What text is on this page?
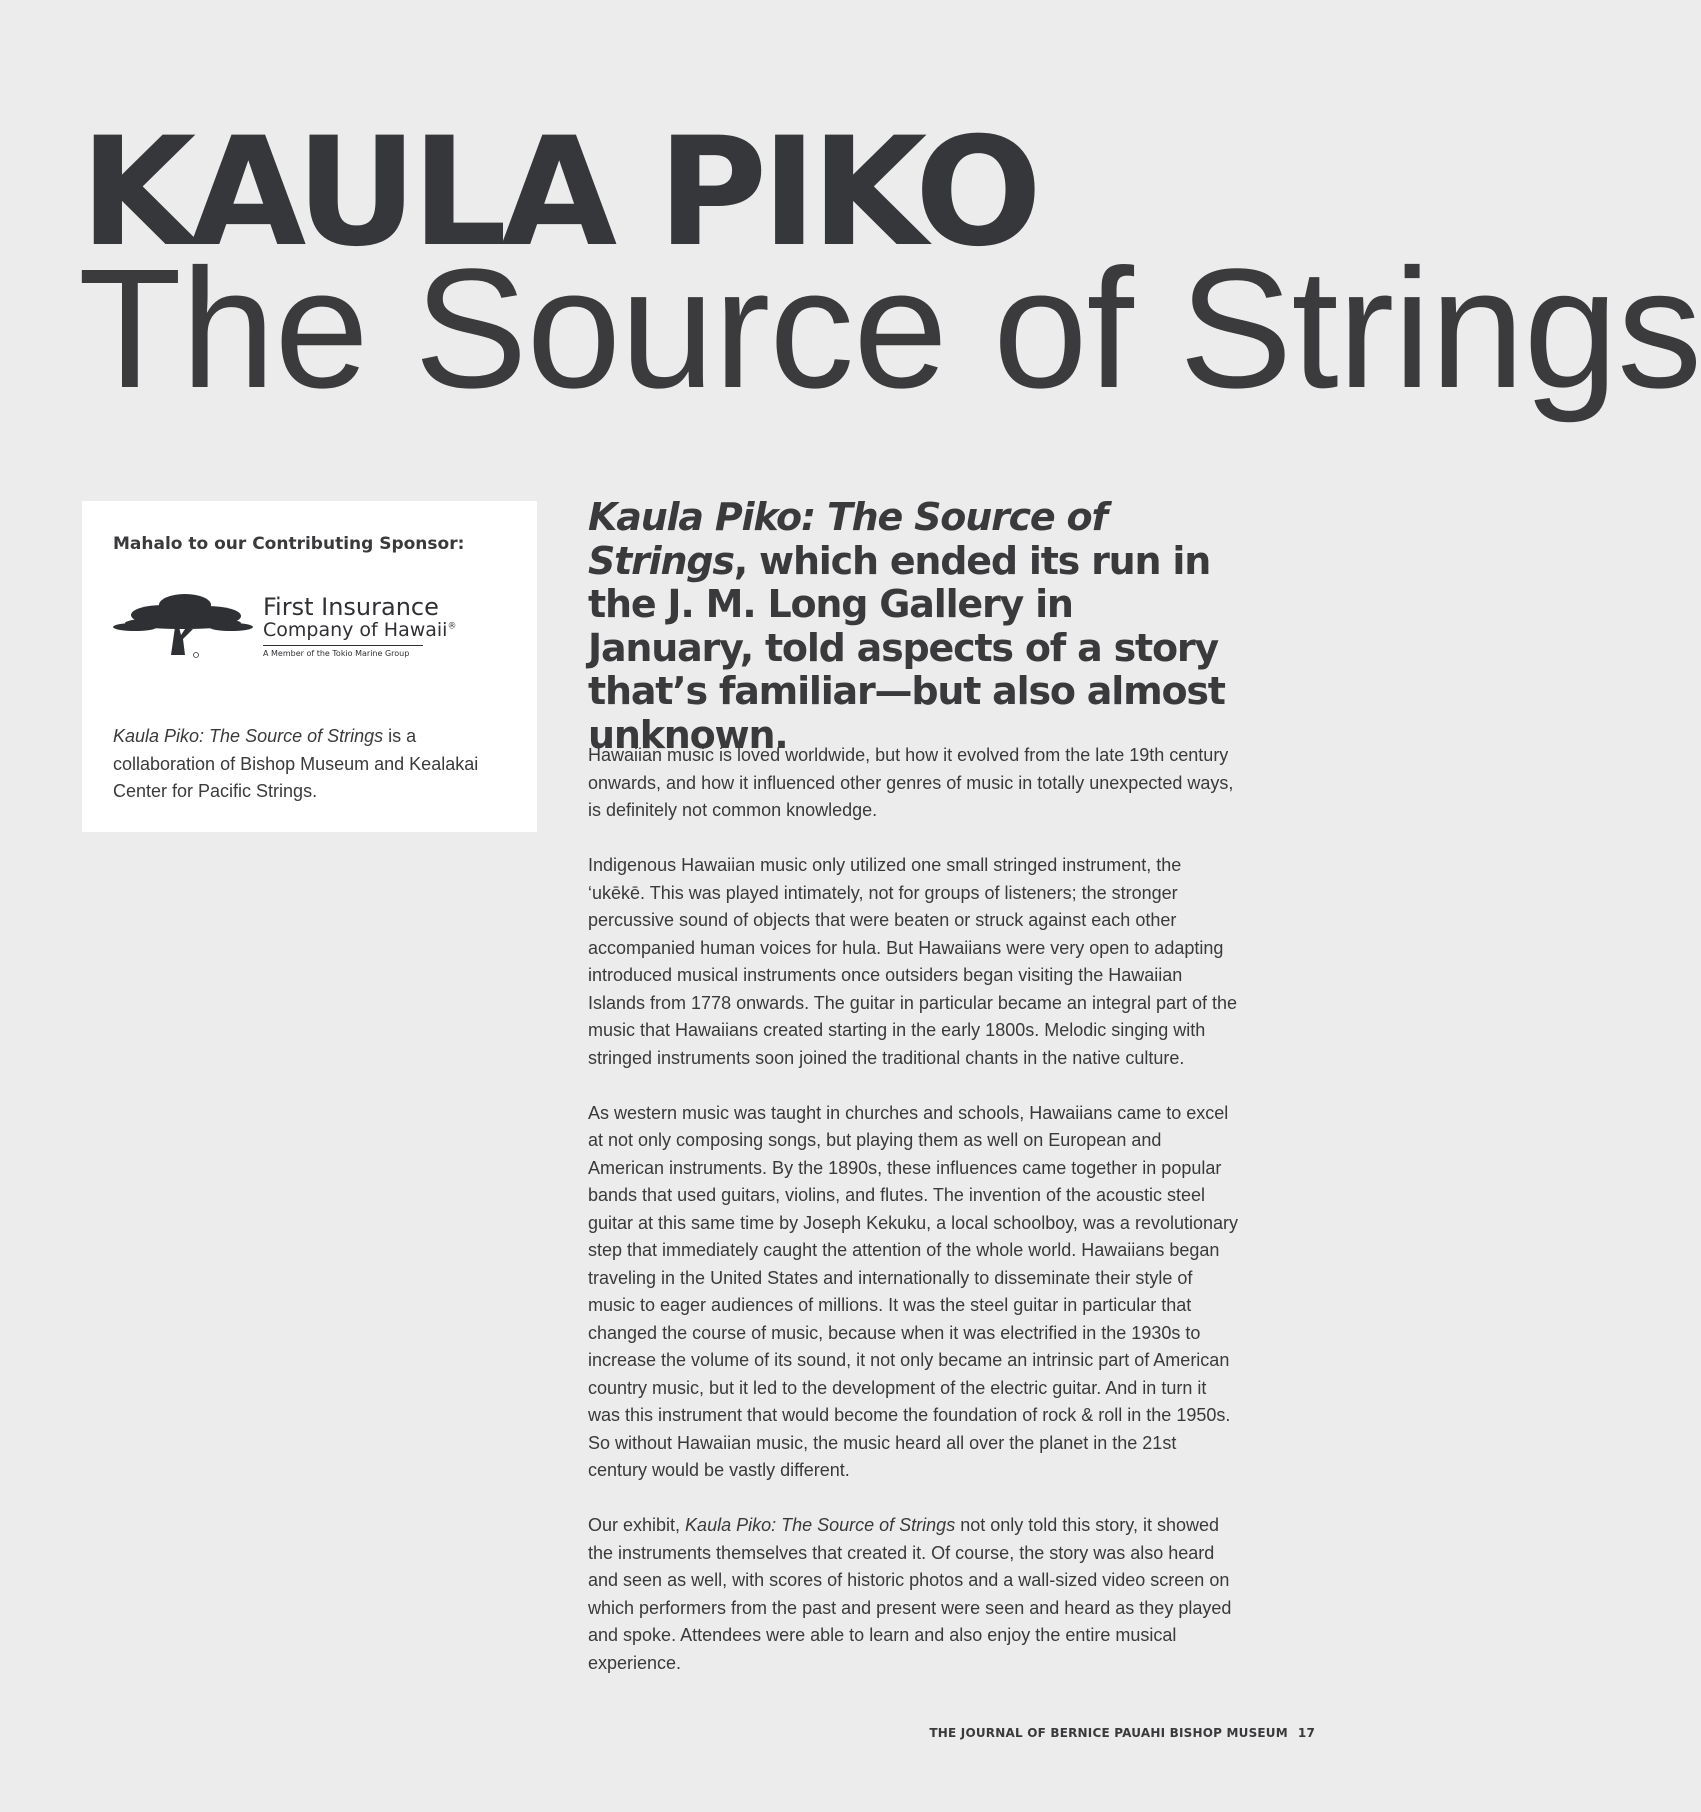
KAULA PIKO
The Source of Strings

Mahalo to our Contributing Sponsor:

First Insurance
Company of Hawaii®
A Member of the Tokio Marine Group

Kaula Piko: The Source of Strings is a collaboration of Bishop Museum and Kealakai Center for Pacific Strings.

Kaula Piko: The Source of Strings, which ended its run in the J. M. Long Gallery in January, told aspects of a story that’s familiar—but also almost unknown.

Hawaiian music is loved worldwide, but how it evolved from the late 19th century onwards, and how it influenced other genres of music in totally unexpected ways, is definitely not common knowledge.

Indigenous Hawaiian music only utilized one small stringed instrument, the ‘ukēkē. This was played intimately, not for groups of listeners; the stronger percussive sound of objects that were beaten or struck against each other accompanied human voices for hula. But Hawaiians were very open to adapting introduced musical instruments once outsiders began visiting the Hawaiian Islands from 1778 onwards. The guitar in particular became an integral part of the music that Hawaiians created starting in the early 1800s. Melodic singing with stringed instruments soon joined the traditional chants in the native culture.

As western music was taught in churches and schools, Hawaiians came to excel at not only composing songs, but playing them as well on European and American instruments. By the 1890s, these influences came together in popular bands that used guitars, violins, and flutes. The invention of the acoustic steel guitar at this same time by Joseph Kekuku, a local schoolboy, was a revolutionary step that immediately caught the attention of the whole world. Hawaiians began traveling in the United States and internationally to disseminate their style of music to eager audiences of millions. It was the steel guitar in particular that changed the course of music, because when it was electrified in the 1930s to increase the volume of its sound, it not only became an intrinsic part of American country music, but it led to the development of the electric guitar. And in turn it was this instrument that would become the foundation of rock & roll in the 1950s. So without Hawaiian music, the music heard all over the planet in the 21st century would be vastly different.

Our exhibit, Kaula Piko: The Source of Strings not only told this story, it showed the instruments themselves that created it. Of course, the story was also heard and seen as well, with scores of historic photos and a wall-sized video screen on which performers from the past and present were seen and heard as they played and spoke. Attendees were able to learn and also enjoy the entire musical experience.

THE JOURNAL OF BERNICE PAUAHI BISHOP MUSEUM 17
